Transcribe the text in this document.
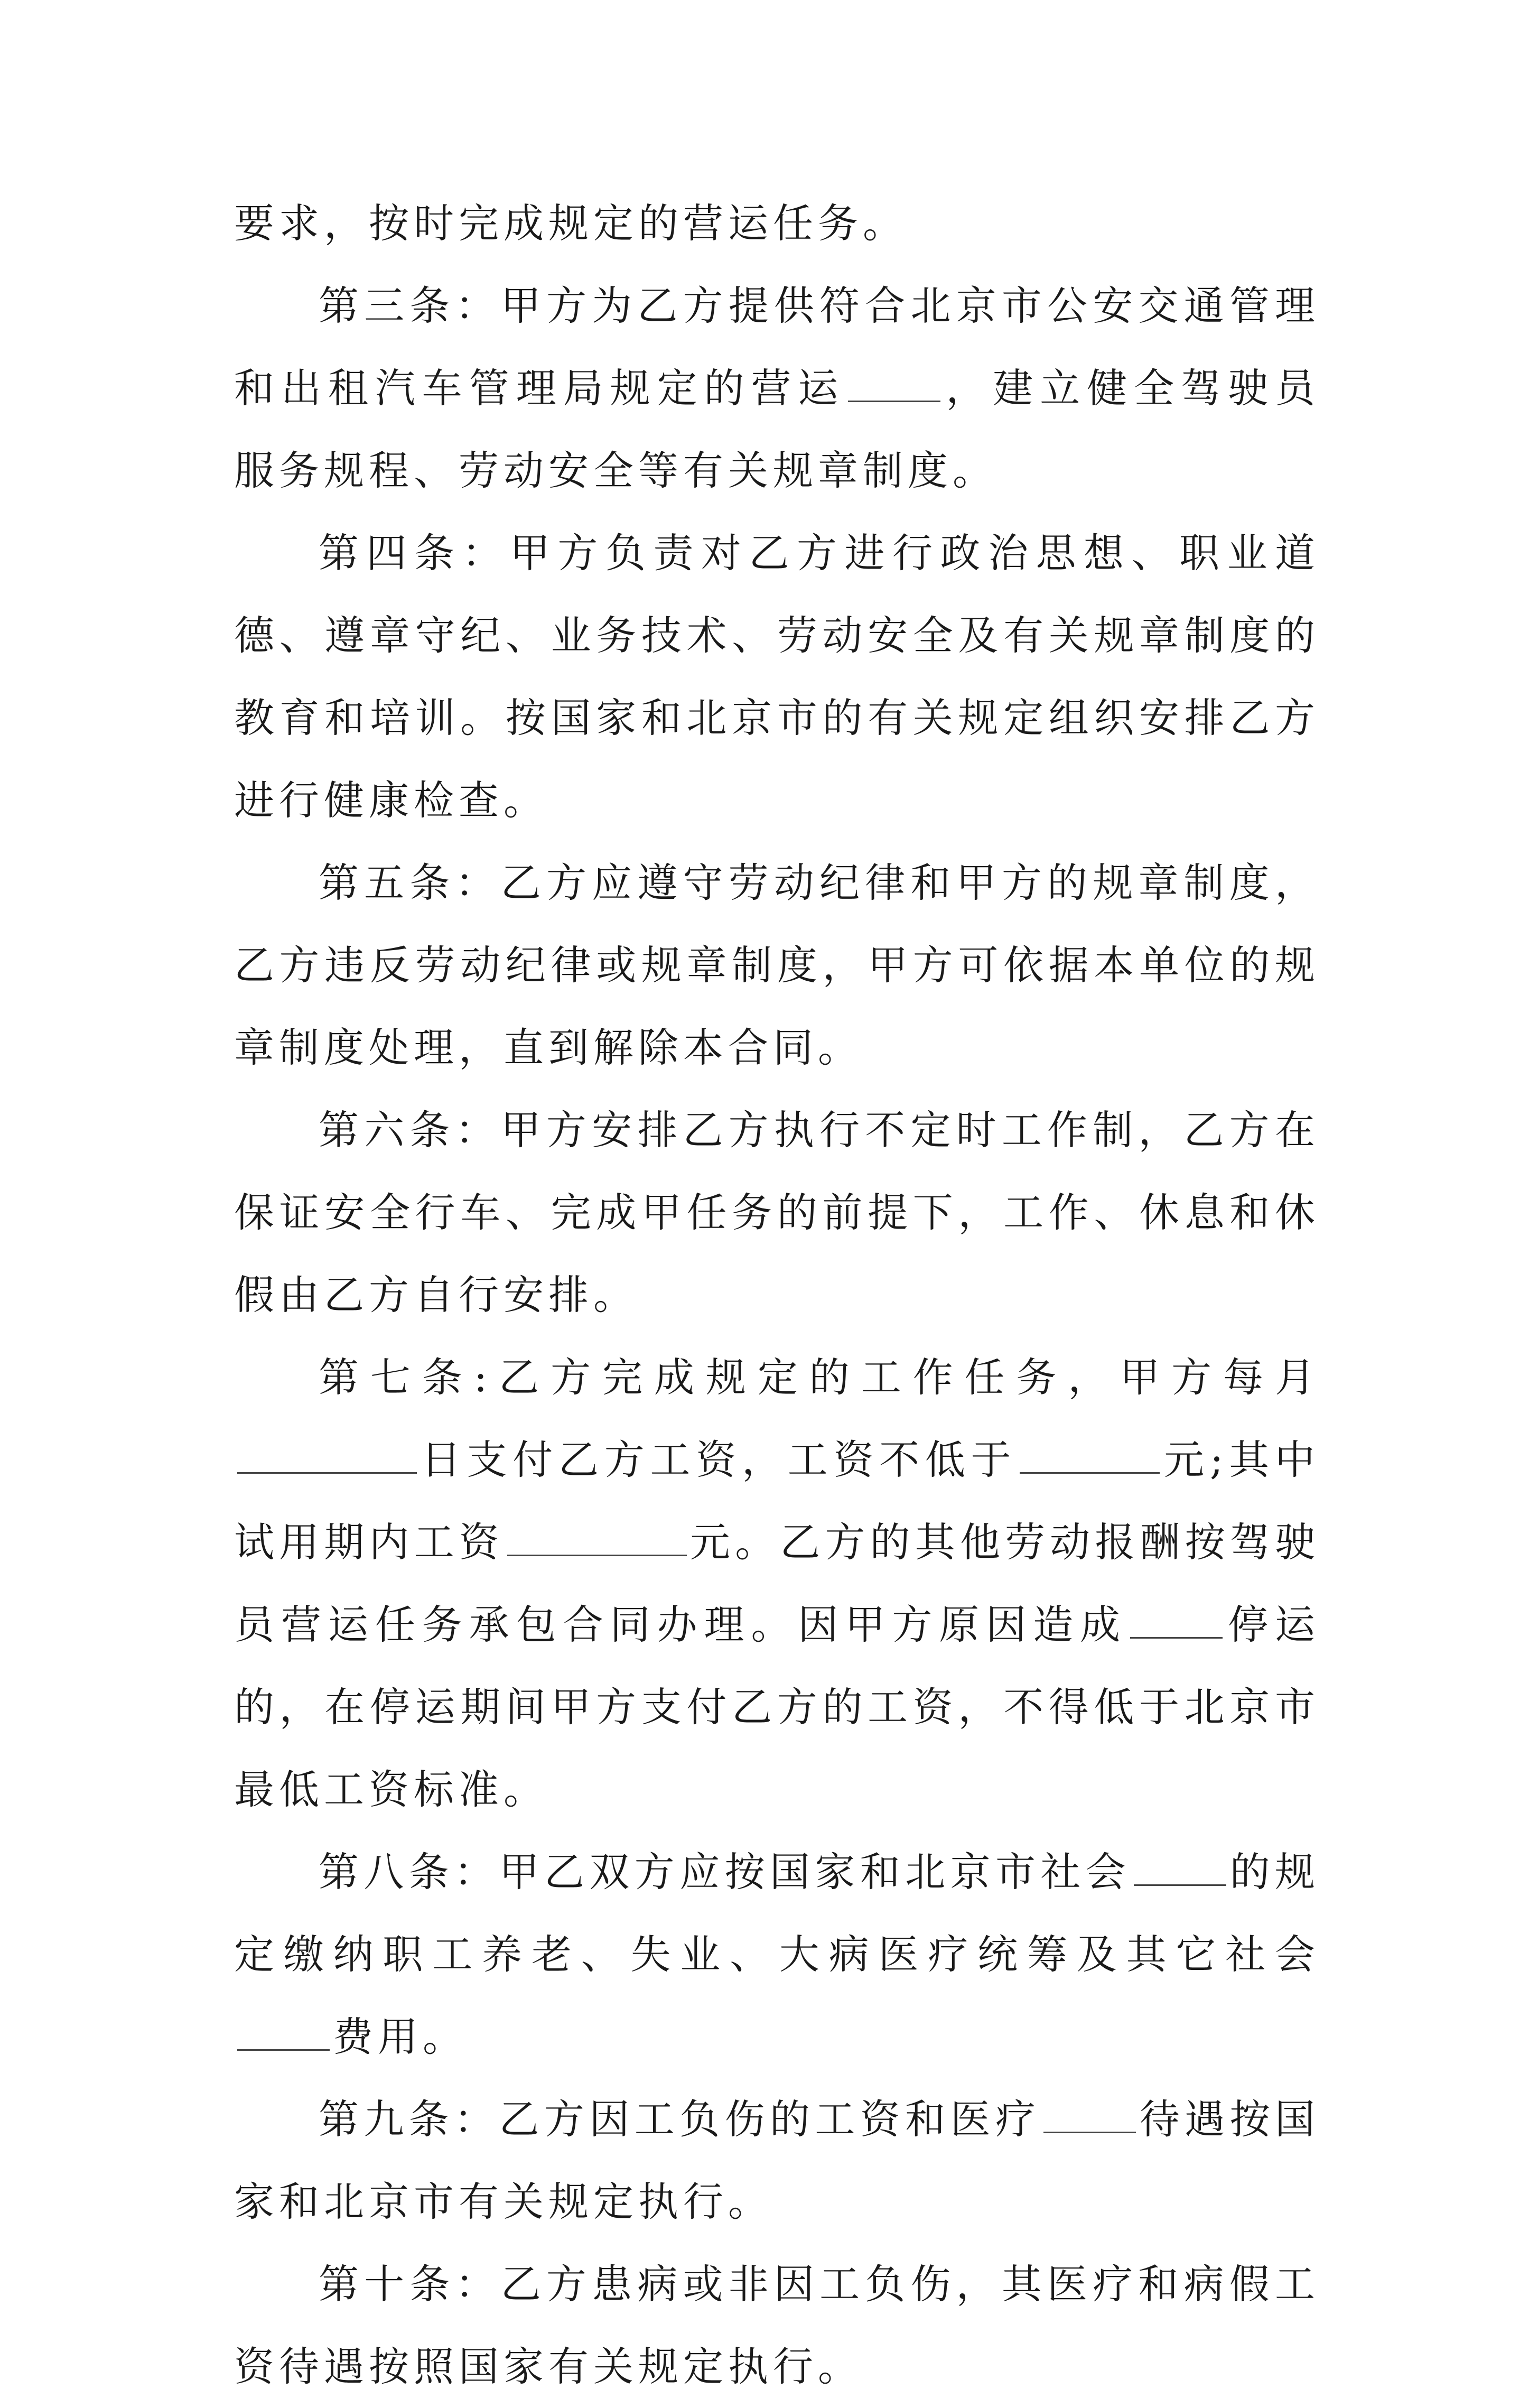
要求，按时完成规定的营运任务。

第三条：甲方为乙方提供符合北京市公安交通管理和出租汽车管理局规定的营运 ，建立健全驾驶员服务规程、劳动安全等有关规章制度。

第四条：甲方负责对乙方进行政治思想、职业道德、遵章守纪、业务技术、劳动安全及有关规章制度的教育和培训。按国家和北京市的有关规定组织安排乙方进行健康检查。

第五条：乙方应遵守劳动纪律和甲方的规章制度，乙方违反劳动纪律或规章制度，甲方可依据本单位的规章制度处理，直到解除本合同。

第六条：甲方安排乙方执行不定时工作制，乙方在保证安全行车、完成甲任务的前提下，工作、休息和休假由乙方自行安排。

第七条:乙方完成规定的工作任务，甲方每月日支付乙方工资，工资不低于	元;其中试用期内工资	元。乙方的其他劳动报酬按驾驶员营运任务承包合同办理。因甲方原因造成 停运的，在停运期间甲方支付乙方的工资，不得低于北京市最低工资标准。

第八条：甲乙双方应按国家和北京市社会 的规定缴纳职工养老、失业、大病医疗统筹及其它社会费用。

第九条：乙方因工负伤的工资和医疗 待遇按国家和北京市有关规定执行。

第十条：乙方患病或非因工负伤，其医疗和病假工资待遇按照国家有关规定执行。
